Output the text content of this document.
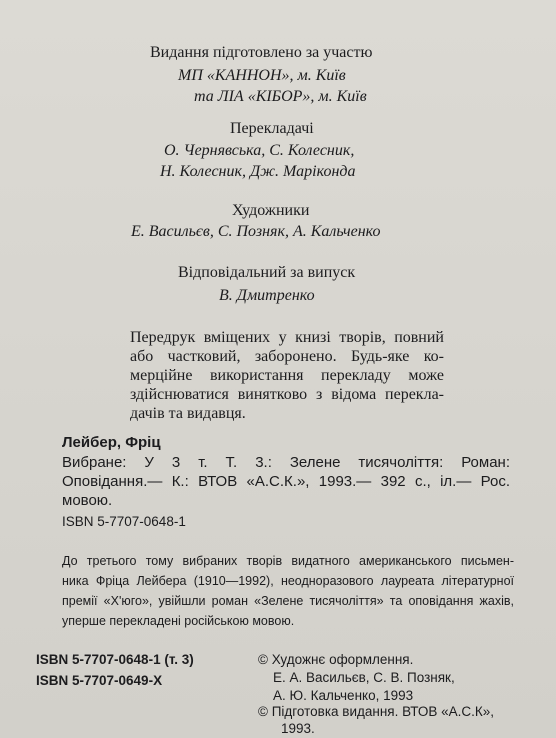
Видання підготовлено за участю
МП «КАННОН», м. Київ
та ЛІА «КІБОР», м. Київ
Перекладачі
О. Чернявська, С. Колесник,
Н. Колесник, Дж. Маріконда
Художники
Е. Васильєв, С. Позняк, А. Кальченко
Відповідальний за випуск
В. Дмитренко
Передрук вміщених у книзі творів, повний
або частковий, заборонено. Будь-яке ко-
мерційне використання перекладу може
здійснюватися винятково з відома перекла-
дачів та видавця.
Лейбер, Фріц
Вибране: У 3 т. Т. 3.: Зелене тисячоліття: Роман:
Оповідання.— К.: ВТОВ «А.С.К.», 1993.— 392 с., іл.— Рос.
мовою.
ISBN 5-7707-0648-1
До третього тому вибраних творів видатного американського письмен-
ника Фріца Лейбера (1910—1992), неодноразового лауреата літературної
премії «Х'юго», увійшли роман «Зелене тисячоліття» та оповідання жахів,
уперше перекладені російською мовою.
ISBN 5-7707-0648-1 (т. 3)
ISBN 5-7707-0649-X
© Художнє оформлення.
Е. А. Васильєв, С. В. Позняк,
А. Ю. Кальченко, 1993
© Підготовка видання. ВТОВ «А.С.К»,
1993.
